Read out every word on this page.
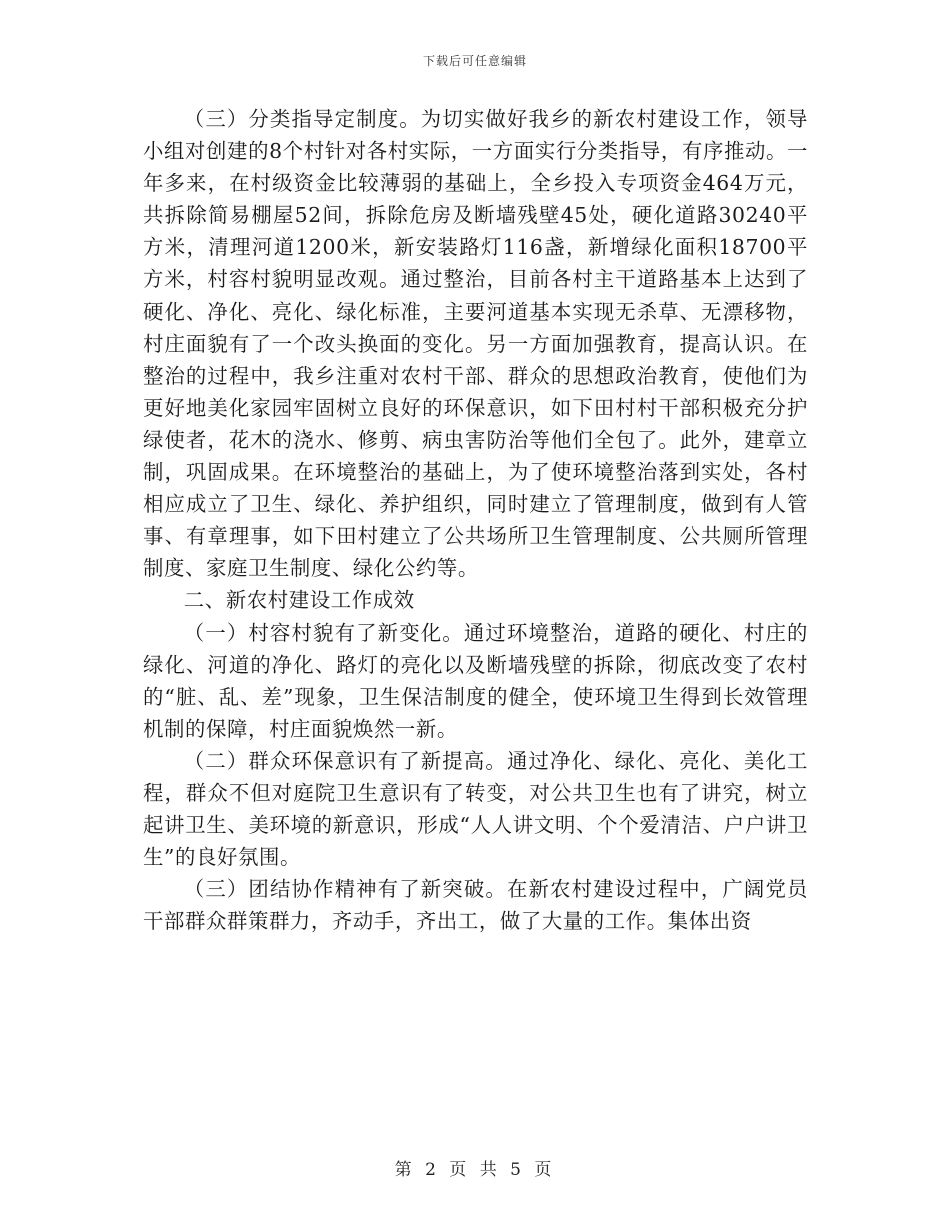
下载后可任意编辑

（三）分类指导定制度。为切实做好我乡的新农村建设工作，领导小组对创建的8个村针对各村实际，一方面实行分类指导，有序推动。一年多来，在村级资金比较薄弱的基础上，全乡投入专项资金464万元，共拆除简易棚屋52间，拆除危房及断墙残壁45处，硬化道路30240平方米，清理河道1200米，新安装路灯116盏，新增绿化面积18700平方米，村容村貌明显改观。通过整治，目前各村主干道路基本上达到了硬化、净化、亮化、绿化标准，主要河道基本实现无杀草、无漂移物，村庄面貌有了一个改头换面的变化。另一方面加强教育，提高认识。在整治的过程中，我乡注重对农村干部、群众的思想政治教育，使他们为更好地美化家园牢固树立良好的环保意识，如下田村村干部积极充分护绿使者，花木的浇水、修剪、病虫害防治等他们全包了。此外，建章立制，巩固成果。在环境整治的基础上，为了使环境整治落到实处，各村相应成立了卫生、绿化、养护组织，同时建立了管理制度，做到有人管事、有章理事，如下田村建立了公共场所卫生管理制度、公共厕所管理制度、家庭卫生制度、绿化公约等。

二、新农村建设工作成效

（一）村容村貌有了新变化。通过环境整治，道路的硬化、村庄的绿化、河道的净化、路灯的亮化以及断墙残壁的拆除，彻底改变了农村的“脏、乱、差”现象，卫生保洁制度的健全，使环境卫生得到长效管理机制的保障，村庄面貌焕然一新。

（二）群众环保意识有了新提高。通过净化、绿化、亮化、美化工程，群众不但对庭院卫生意识有了转变，对公共卫生也有了讲究，树立起讲卫生、美环境的新意识，形成“人人讲文明、个个爱清洁、户户讲卫生”的良好氛围。

（三）团结协作精神有了新突破。在新农村建设过程中，广阔党员干部群众群策群力，齐动手，齐出工，做了大量的工作。集体出资

第 2 页 共 5 页
